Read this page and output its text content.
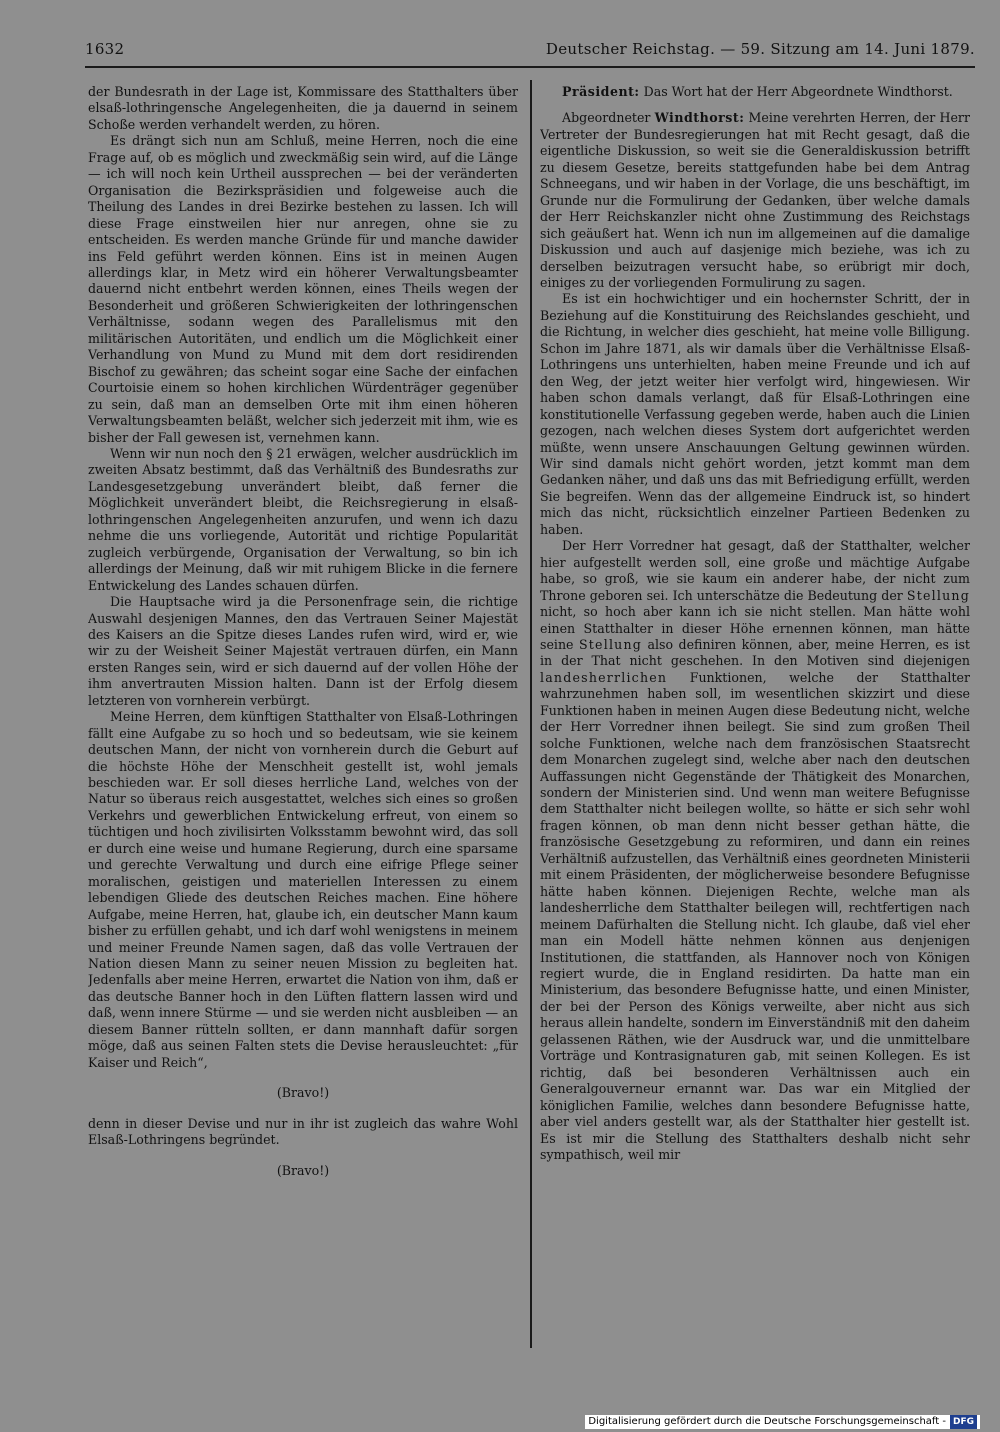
1632	Deutscher Reichstag. — 59. Sitzung am 14. Juni 1879.

der Bundesrath in der Lage ist, Kommissare des Statthalters über elsaß-lothringensche Angelegenheiten, die ja dauernd in seinem Schoße werden verhandelt werden, zu hören.

Es drängt sich nun am Schluß, meine Herren, noch die eine Frage auf, ob es möglich und zweckmäßig sein wird, auf die Länge — ich will noch kein Urtheil aussprechen — bei der veränderten Organisation die Bezirkspräsidien und folgeweise auch die Theilung des Landes in drei Bezirke bestehen zu lassen. Ich will diese Frage einstweilen hier nur anregen, ohne sie zu entscheiden. Es werden manche Gründe für und manche dawider ins Feld geführt werden können. Eins ist in meinen Augen allerdings klar, in Metz wird ein höherer Verwaltungsbeamter dauernd nicht entbehrt werden können, eines Theils wegen der Besonderheit und größeren Schwierigkeiten der lothringenschen Verhältnisse, sodann wegen des Parallelismus mit den militärischen Autoritäten, und endlich um die Möglichkeit einer Verhandlung von Mund zu Mund mit dem dort residirenden Bischof zu gewähren; das scheint sogar eine Sache der einfachen Courtoisie einem so hohen kirchlichen Würdenträger gegenüber zu sein, daß man an demselben Orte mit ihm einen höheren Verwaltungsbeamten beläßt, welcher sich jederzeit mit ihm, wie es bisher der Fall gewesen ist, vernehmen kann.

Wenn wir nun noch den § 21 erwägen, welcher ausdrücklich im zweiten Absatz bestimmt, daß das Verhältniß des Bundesraths zur Landesgesetzgebung unverändert bleibt, daß ferner die Möglichkeit unverändert bleibt, die Reichsregierung in elsaß-lothringenschen Angelegenheiten anzurufen, und wenn ich dazu nehme die uns vorliegende, Autorität und richtige Popularität zugleich verbürgende, Organisation der Verwaltung, so bin ich allerdings der Meinung, daß wir mit ruhigem Blicke in die fernere Entwickelung des Landes schauen dürfen.

Die Hauptsache wird ja die Personenfrage sein, die richtige Auswahl desjenigen Mannes, den das Vertrauen Seiner Majestät des Kaisers an die Spitze dieses Landes rufen wird, wird er, wie wir zu der Weisheit Seiner Majestät vertrauen dürfen, ein Mann ersten Ranges sein, wird er sich dauernd auf der vollen Höhe der ihm anvertrauten Mission halten. Dann ist der Erfolg diesem letzteren von vornherein verbürgt.

Meine Herren, dem künftigen Statthalter von Elsaß-Lothringen fällt eine Aufgabe zu so hoch und so bedeutsam, wie sie keinem deutschen Mann, der nicht von vornherein durch die Geburt auf die höchste Höhe der Menschheit gestellt ist, wohl jemals beschieden war. Er soll dieses herrliche Land, welches von der Natur so überaus reich ausgestattet, welches sich eines so großen Verkehrs und gewerblichen Entwickelung erfreut, von einem so tüchtigen und hoch zivilisirten Volksstamm bewohnt wird, das soll er durch eine weise und humane Regierung, durch eine sparsame und gerechte Verwaltung und durch eine eifrige Pflege seiner moralischen, geistigen und materiellen Interessen zu einem lebendigen Gliede des deutschen Reiches machen. Eine höhere Aufgabe, meine Herren, hat, glaube ich, ein deutscher Mann kaum bisher zu erfüllen gehabt, und ich darf wohl wenigstens in meinem und meiner Freunde Namen sagen, daß das volle Vertrauen der Nation diesen Mann zu seiner neuen Mission zu begleiten hat. Jedenfalls aber meine Herren, erwartet die Nation von ihm, daß er das deutsche Banner hoch in den Lüften flattern lassen wird und daß, wenn innere Stürme — und sie werden nicht ausbleiben — an diesem Banner rütteln sollten, er dann mannhaft dafür sorgen möge, daß aus seinen Falten stets die Devise herausleuchtet: „für Kaiser und Reich“,

(Bravo!)

denn in dieser Devise und nur in ihr ist zugleich das wahre Wohl Elsaß-Lothringens begründet.

(Bravo!)

Präsident: Das Wort hat der Herr Abgeordnete Windthorst.

Abgeordneter Windthorst: Meine verehrten Herren, der Herr Vertreter der Bundesregierungen hat mit Recht gesagt, daß die eigentliche Diskussion, so weit sie die Generaldiskussion betrifft zu diesem Gesetze, bereits stattgefunden habe bei dem Antrag Schneegans, und wir haben in der Vorlage, die uns beschäftigt, im Grunde nur die Formulirung der Gedanken, über welche damals der Herr Reichskanzler nicht ohne Zustimmung des Reichstags sich geäußert hat. Wenn ich nun im allgemeinen auf die damalige Diskussion und auch auf dasjenige mich beziehe, was ich zu derselben beizutragen versucht habe, so erübrigt mir doch, einiges zu der vorliegenden Formulirung zu sagen.

Es ist ein hochwichtiger und ein hochernster Schritt, der in Beziehung auf die Konstituirung des Reichslandes geschieht, und die Richtung, in welcher dies geschieht, hat meine volle Billigung. Schon im Jahre 1871, als wir damals über die Verhältnisse Elsaß-Lothringens uns unterhielten, haben meine Freunde und ich auf den Weg, der jetzt weiter hier verfolgt wird, hingewiesen. Wir haben schon damals verlangt, daß für Elsaß-Lothringen eine konstitutionelle Verfassung gegeben werde, haben auch die Linien gezogen, nach welchen dieses System dort aufgerichtet werden müßte, wenn unsere Anschauungen Geltung gewinnen würden. Wir sind damals nicht gehört worden, jetzt kommt man dem Gedanken näher, und daß uns das mit Befriedigung erfüllt, werden Sie begreifen. Wenn das der allgemeine Eindruck ist, so hindert mich das nicht, rücksichtlich einzelner Partieen Bedenken zu haben.

Der Herr Vorredner hat gesagt, daß der Statthalter, welcher hier aufgestellt werden soll, eine große und mächtige Aufgabe habe, so groß, wie sie kaum ein anderer habe, der nicht zum Throne geboren sei. Ich unterschätze die Bedeutung der Stellung nicht, so hoch aber kann ich sie nicht stellen. Man hätte wohl einen Statthalter in dieser Höhe ernennen können, man hätte seine Stellung also definiren können, aber, meine Herren, es ist in der That nicht geschehen. In den Motiven sind diejenigen landesherrlichen Funktionen, welche der Statthalter wahrzunehmen haben soll, im wesentlichen skizzirt und diese Funktionen haben in meinen Augen diese Bedeutung nicht, welche der Herr Vorredner ihnen beilegt. Sie sind zum großen Theil solche Funktionen, welche nach dem französischen Staatsrecht dem Monarchen zugelegt sind, welche aber nach den deutschen Auffassungen nicht Gegenstände der Thätigkeit des Monarchen, sondern der Ministerien sind. Und wenn man weitere Befugnisse dem Statthalter nicht beilegen wollte, so hätte er sich sehr wohl fragen können, ob man denn nicht besser gethan hätte, die französische Gesetzgebung zu reformiren, und dann ein reines Verhältniß aufzustellen, das Verhältniß eines geordneten Ministerii mit einem Präsidenten, der möglicherweise besondere Befugnisse hätte haben können. Diejenigen Rechte, welche man als landesherrliche dem Statthalter beilegen will, rechtfertigen nach meinem Dafürhalten die Stellung nicht. Ich glaube, daß viel eher man ein Modell hätte nehmen können aus denjenigen Institutionen, die stattfanden, als Hannover noch von Königen regiert wurde, die in England residirten. Da hatte man ein Ministerium, das besondere Befugnisse hatte, und einen Minister, der bei der Person des Königs verweilte, aber nicht aus sich heraus allein handelte, sondern im Einverständniß mit den daheim gelassenen Räthen, wie der Ausdruck war, und die unmittelbare Vorträge und Kontrasignaturen gab, mit seinen Kollegen. Es ist richtig, daß bei besonderen Verhältnissen auch ein Generalgouverneur ernannt war. Das war ein Mitglied der königlichen Familie, welches dann besondere Befugnisse hatte, aber viel anders gestellt war, als der Statthalter hier gestellt ist. Es ist mir die Stellung des Statthalters deshalb nicht sehr sympathisch, weil mir

Digitalisierung gefördert durch die Deutsche Forschungsgemeinschaft - DFG
